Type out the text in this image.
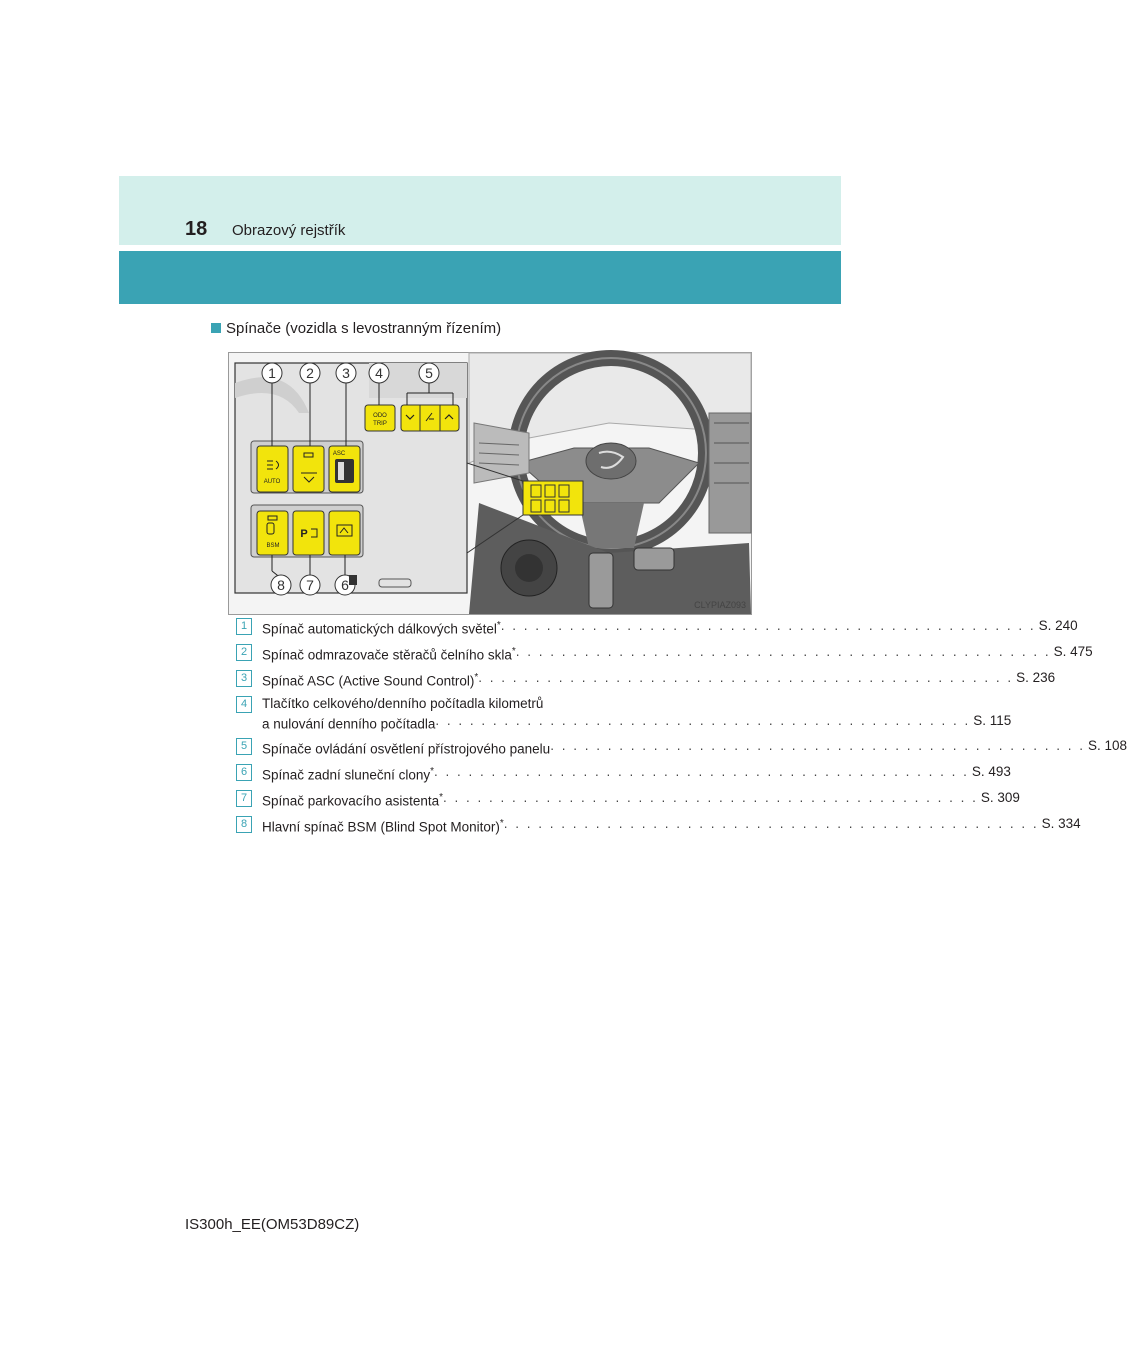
18 Obrazový rejstřík
Spínače (vozidla s levostranným řízením)
ODO
TRIP
AUTO
ASC
BSM
P
1 2 3 4	5
8 7 6
CLYPIAZ093
1	Spínač automatických dálkových světel* . . . . . . . . . . . . . . . . . . . . . . . . . . . . . . . . . . . . . . . . . . . . . . . S. 240
2	Spínač odmrazovače stěračů čelního skla* . . . . . . . . . . . . . . . . . . . . . . . . . . . . . . . . . . . . . . . . . . . . . . . S. 475
3	Spínač ASC (Active Sound Control)* . . . . . . . . . . . . . . . . . . . . . . . . . . . . . . . . . . . . . . . . . . . . . . . S. 236
4	Tlačítko celkového/denního počítadla kilometrů
a nulování denního počítadla . . . . . . . . . . . . . . . . . . . . . . . . . . . . . . . . . . . . . . . . . . . . . . . S. 115
5	Spínače ovládání osvětlení přístrojového panelu . . . . . . . . . . . . . . . . . . . . . . . . . . . . . . . . . . . . . . . . . . . . . . . S. 108
6	Spínač zadní sluneční clony* . . . . . . . . . . . . . . . . . . . . . . . . . . . . . . . . . . . . . . . . . . . . . . . S. 493
7	Spínač parkovacího asistenta* . . . . . . . . . . . . . . . . . . . . . . . . . . . . . . . . . . . . . . . . . . . . . . . S. 309
8	Hlavní spínač BSM (Blind Spot Monitor)* . . . . . . . . . . . . . . . . . . . . . . . . . . . . . . . . . . . . . . . . . . . . . . . S. 334
IS300h_EE(OM53D89CZ)
